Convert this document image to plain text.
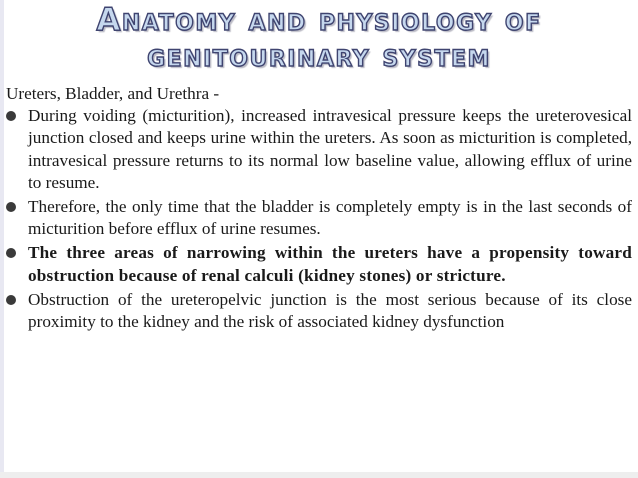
Anatomy and physiology of
genitourinary system

Ureters, Bladder, and Urethra -

During voiding (micturition), increased intravesical pressure keeps the ureterovesical junction closed and keeps urine within the ureters. As soon as micturition is completed, intravesical pressure returns to its normal low baseline value, allowing efflux of urine to resume.
Therefore, the only time that the bladder is completely empty is in the last seconds of micturition before efflux of urine resumes.
The three areas of narrowing within the ureters have a propensity toward obstruction because of renal calculi (kidney stones) or stricture.
Obstruction of the ureteropelvic junction is the most serious because of its close proximity to the kidney and the risk of associated kidney dysfunction
